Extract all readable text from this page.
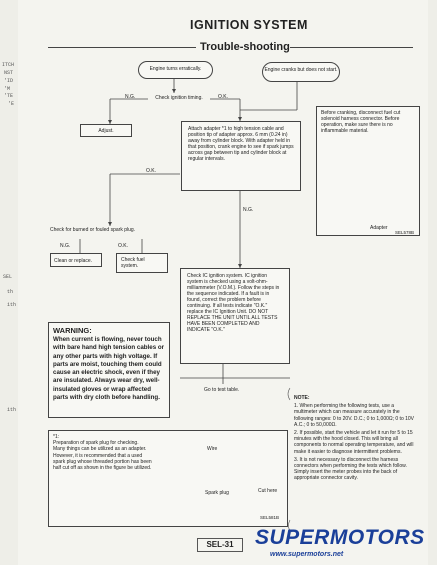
ITCH
NST
'ID
'M
'TE
'E
SEL
th
ith
ith
IGNITION SYSTEM
Trouble-shooting
Engine turns erratically.	Engine cranks but does not start.
N.G.	Check ignition timing.	O.K.
Adjust.	Attach adapter *1 to high tension cable and position tip of adapter approx. 6 mm (0.24 in) away from cylinder block. With adapter held in that position, crank engine to see if spark jumps across gap between tip and cylinder block at regular intervals.
O.K.
N.G.
Check for burned or fouled spark plug.
N.G.	O.K.
Clean or replace.	Check fuel system.
Check IC ignition system. IC ignition system is checked using a volt-ohm-milliammeter (V.O.M.). Follow the steps in the sequence indicated. If a fault is in found, correct the problem before continuing. If all tests indicate "O.K." replace the IC Ignition Unit. DO NOT REPLACE THE UNIT UNTIL ALL TESTS HAVE BEEN COMPLETED AND INDICATE "O.K."
Go to test table.
Before cranking, disconnect fuel cut solenoid harness connector. Before operation, make sure there is no inflammable material.
Adapter
SEL578B
WARNING:
When current is flowing, never touch with bare hand high tension cables or any other parts with high voltage. If parts are moist, touching them could cause an electric shock, even if they are insulated. Always wear dry, well-insulated gloves or wrap affected parts with dry cloth before handling.
*1:
Preparation of spark plug for checking.
Many things can be utilized as an adapter. However, it is recommended that a used spark plug whose threaded portion has been half cut off as shown in the figure be utilized.
Wire
Spark plug	Cut here
SEL581B
NOTE:
1. When performing the following tests, use a multimeter which can measure accurately in the following ranges: 0 to 20V. D.C.; 0 to 1,000Ω; 0 to 10V A.C.; 0 to 50,000Ω.
2. If possible, start the vehicle and let it run for 5 to 15 minutes with the hood closed. This will bring all components to normal operating temperature, and will make it easier to diagnose intermittent problems.
3. It is not necessary to disconnect the harness connectors when performing the tests which follow. Simply insert the meter probes into the back of appropriate connector cavity.
SEL-31	SUPERMOTORS
www.supermotors.net
